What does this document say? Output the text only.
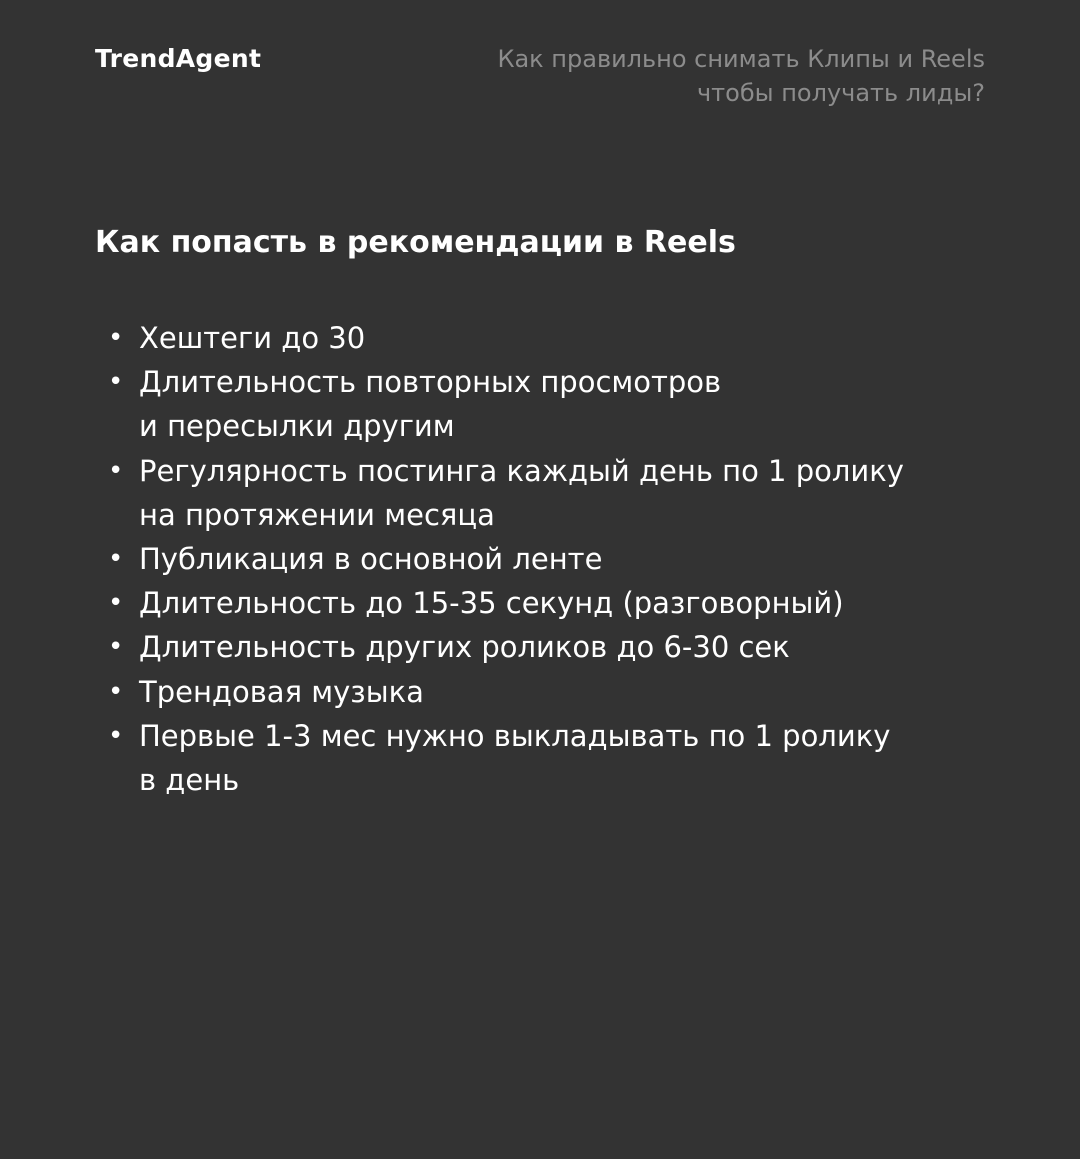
TrendAgent	Как правильно снимать Клипы и Reels
чтобы получать лиды?
Как попасть в рекомендации в Reels
• Хештеги до 30
• Длительность повторных просмотров
и пересылки другим
• Регулярность постинга каждый день по 1 ролику
на протяжении месяца
• Публикация в основной ленте
• Длительность до 15-35 секунд (разговорный)
• Длительность других роликов до 6-30 сек
• Трендовая музыка
• Первые 1-3 мес нужно выкладывать по 1 ролику
в день
